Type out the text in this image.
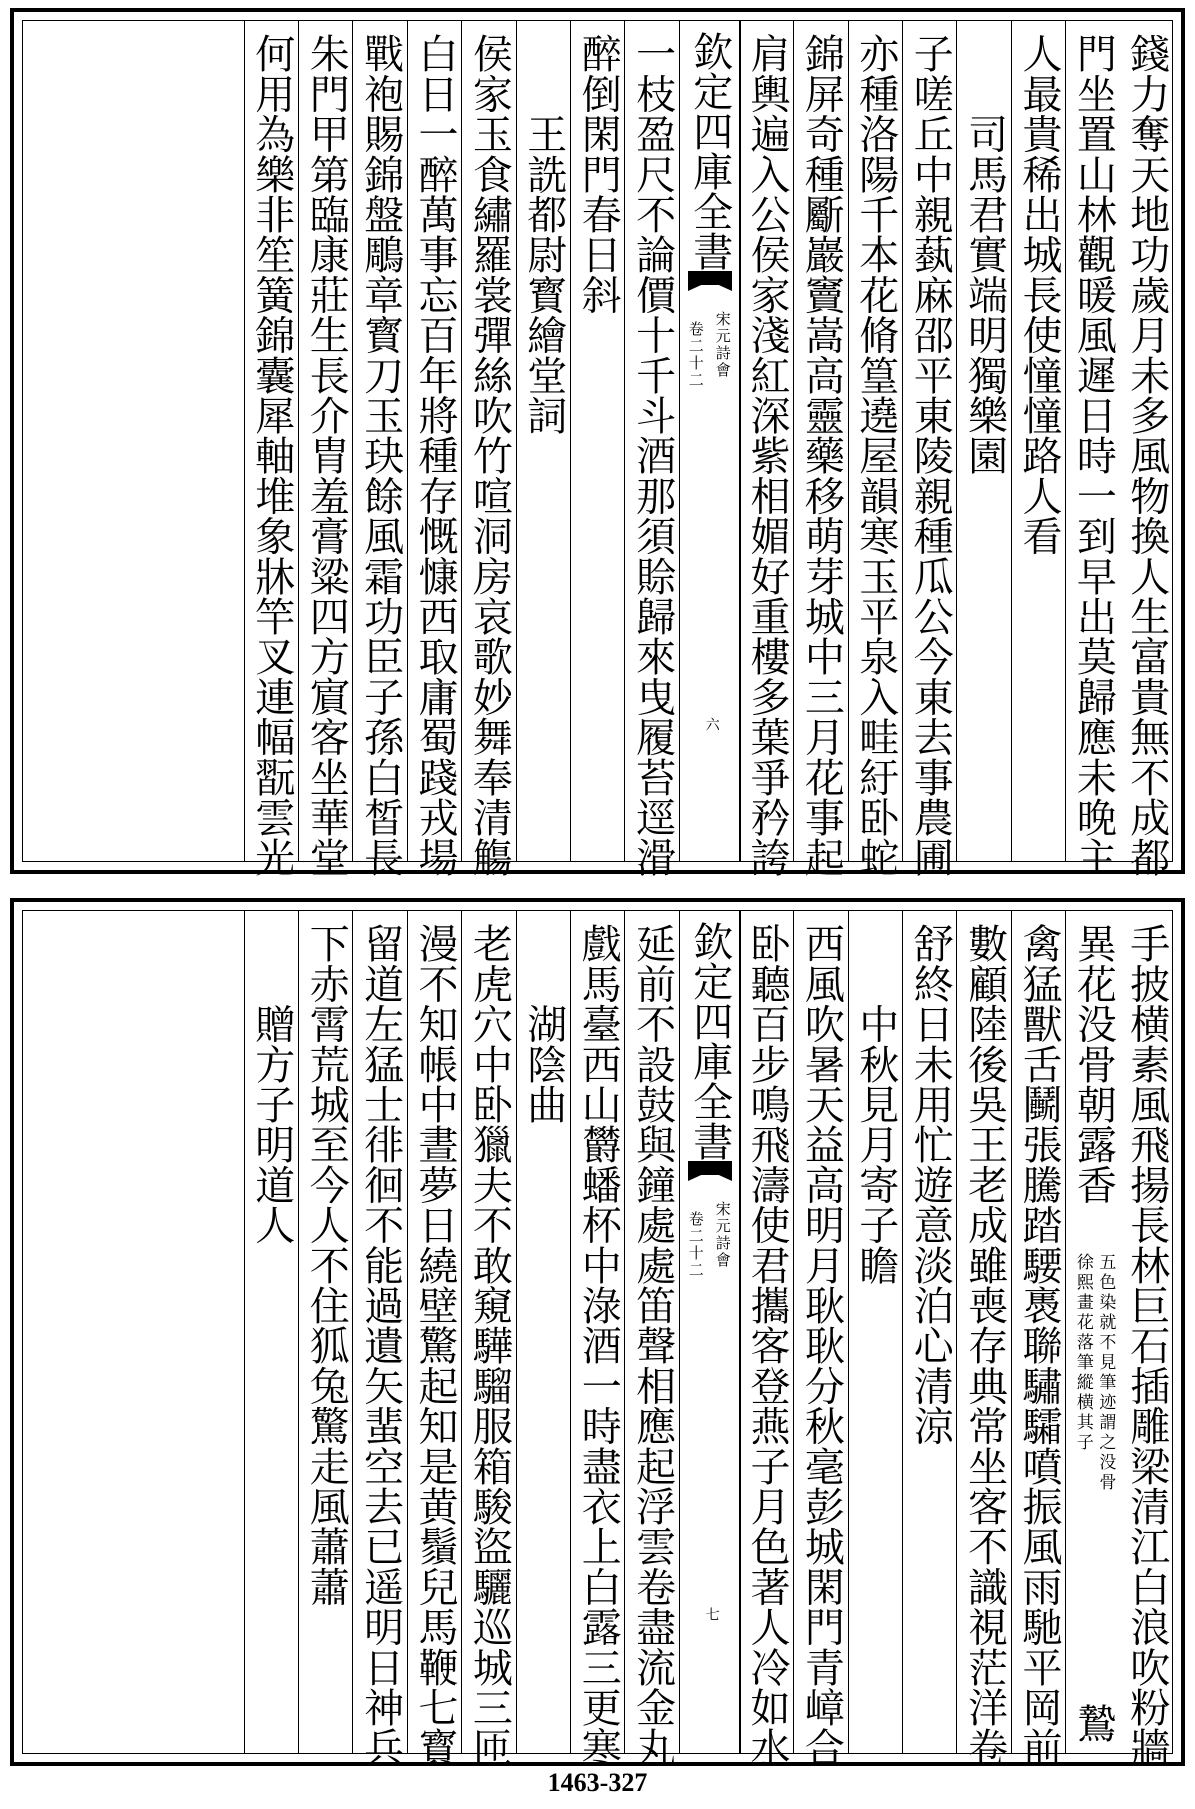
錢力奪天地功歲月未多風物換人生富貴無不成都
門坐置山林觀暖風遲日時一到早出莫歸應未晚主
人最貴稀出城長使憧憧路人看
　　司馬君實端明獨樂園
子嗟丘中親蓺麻邵平東陵親種瓜公今東去事農圃
亦種洛陽千本花脩篁遶屋韻寒玉平泉入畦紆卧蛇
錦屏奇種斸巖竇嵩高靈藥移萌芽城中三月花事起
肩輿遍入公侯家淺紅深紫相媚好重樓多葉爭矜誇
欽定四庫全書
宋元詩會
卷二十二
六
一枝盈尺不論價十千斗酒那須賒歸來曳履苔逕滑
醉倒閑門春日斜
　　王詵都尉寳繪堂詞
侯家玉食繡羅裳彈絲吹竹喧洞房哀歌妙舞奉清觴
白日一醉萬事忘百年將種存慨慷西取庸蜀踐戎場
戰袍賜錦盤鵰章寳刀玉玦餘風霜功臣子孫白皙長
朱門甲第臨康莊生長介胄羞膏粱四方賔客坐華堂
何用為樂非笙簧錦囊犀軸堆象牀竿叉連幅翫雲光
手披横素風飛揚長林巨石插雕梁清江白浪吹粉牆
異花没骨朝露香
徐熙畫花落筆縱横其子 五色染就不見筆迹謂之没骨
鷙
禽猛獸舌鬭張騰踏騕褭聯驌驦噴振風雨馳平岡前
數顧陸後吳王老成雖喪存典常坐客不識視茫洋卷
舒終日未用忙遊意淡泊心清涼
　　中秋見月寄子瞻
西風吹暑天益高明月耿耿分秋毫彭城閑門青嶂合
卧聽百步鳴飛濤使君攜客登燕子月色著人冷如水
欽定四庫全書
宋元詩會
卷二十二
七
延前不設鼓與鐘處處笛聲相應起浮雲卷盡流金丸
戲馬臺西山欝蟠杯中淥酒一時盡衣上白露三更寒
　　湖陰曲
老虎穴中卧獵夫不敢窺驊騮服箱駿盜驪巡城三匝
漫不知帳中晝夢日繞壁驚起知是黄鬚兒馬鞭七寳
留道左猛士徘徊不能過遺矢蜚空去已遥明日神兵
下赤霄荒城至今人不住狐兔驚走風蕭蕭
　　贈方子明道人
1463-327
